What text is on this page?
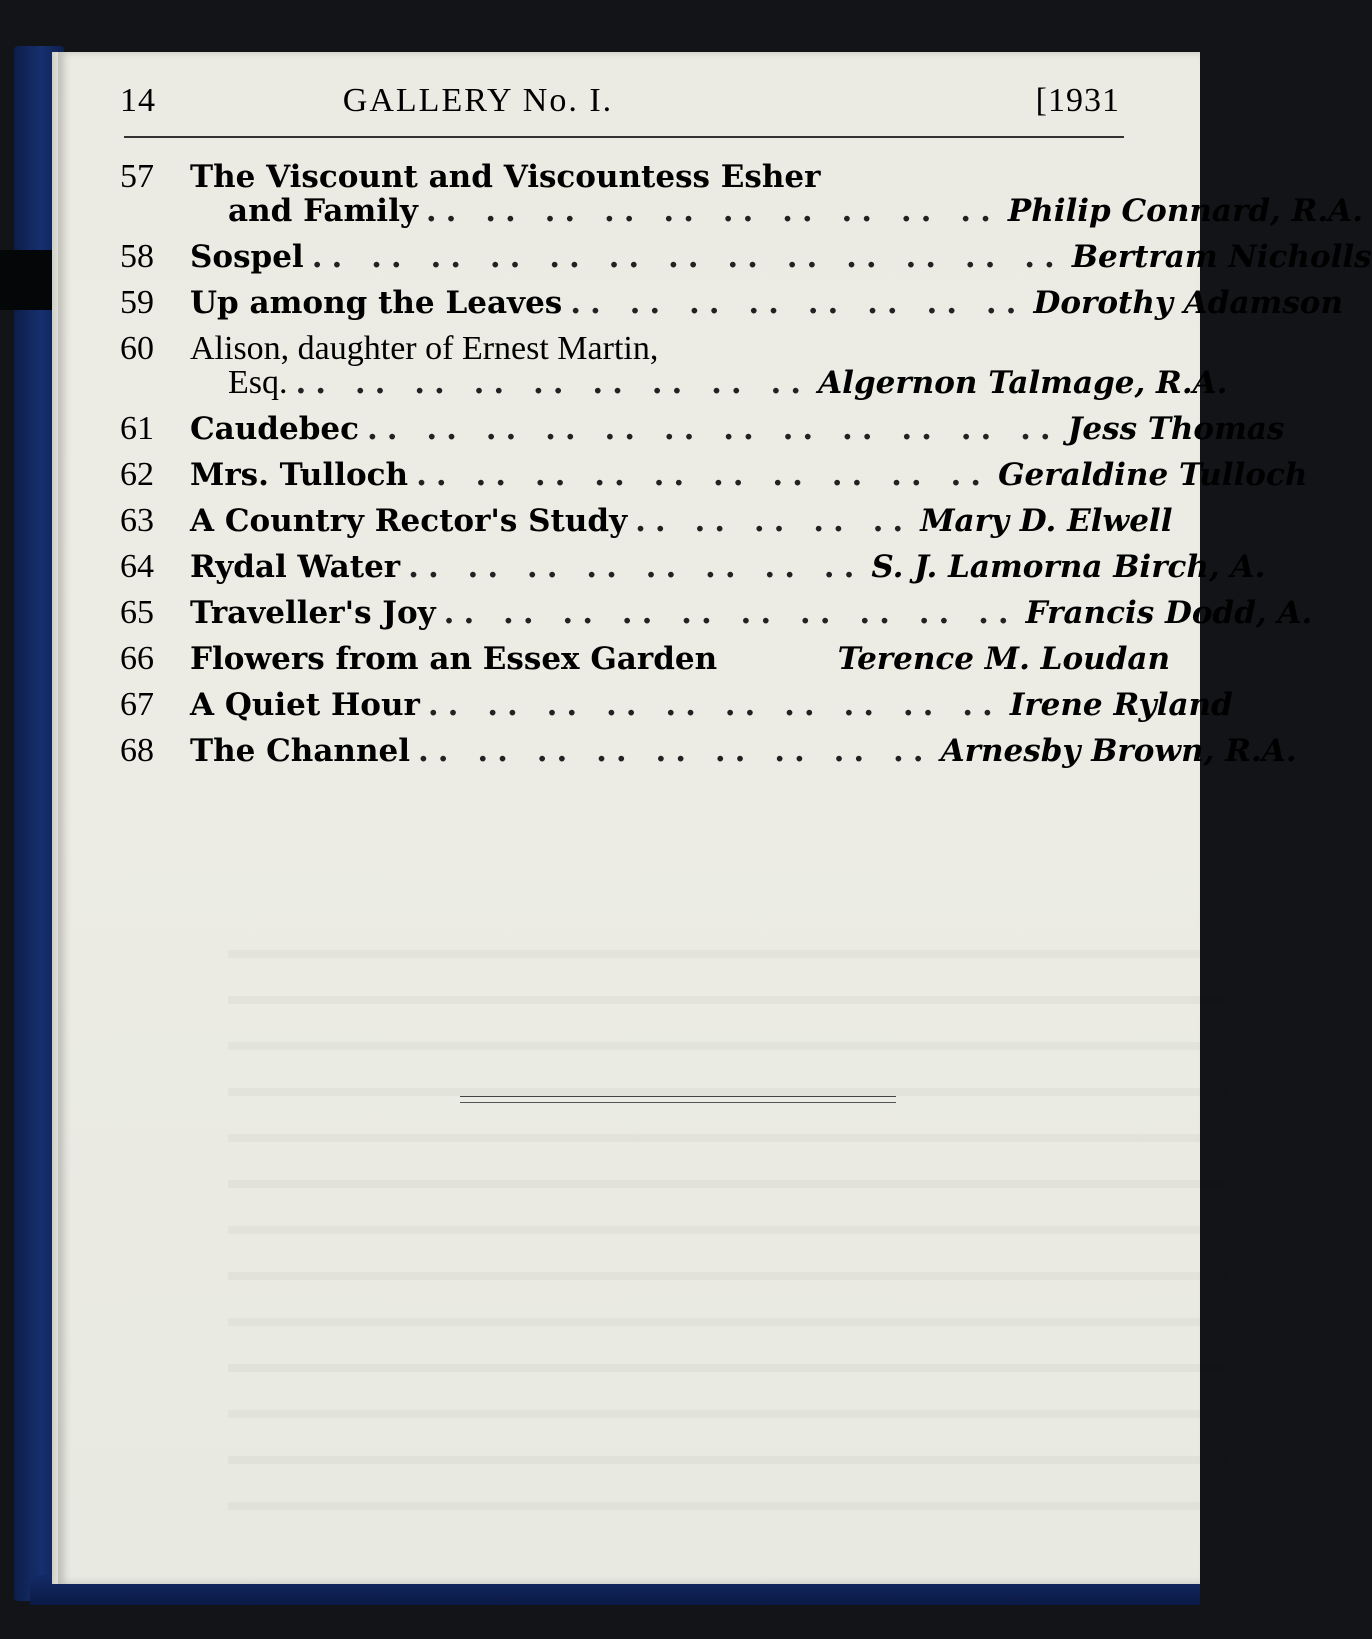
14	GALLERY No. I.	[1931
57	The Viscount and Viscountess Esher
and Family .. .. .. .. .. .. .. .. .. .. Philip Connard, R.A.
58	Sospel .. .. .. .. .. .. .. .. .. .. .. .. .. Bertram Nicholls
59	Up among the Leaves .. .. .. .. .. .. .. .. Dorothy Adamson
60	Alison, daughter of Ernest Martin,
Esq. .. .. .. .. .. .. .. .. .. Algernon Talmage, R.A.
61	Caudebec .. .. .. .. .. .. .. .. .. .. .. .. Jess Thomas
62	Mrs. Tulloch .. .. .. .. .. .. .. .. .. .. Geraldine Tulloch
63	A Country Rector's Study .. .. .. .. .. Mary D. Elwell
64	Rydal Water .. .. .. .. .. .. .. .. S. J. Lamorna Birch, A.
65	Traveller's Joy .. .. .. .. .. .. .. .. .. .. Francis Dodd, A.
66	Flowers from an Essex Garden	Terence M. Loudan
67	A Quiet Hour .. .. .. .. .. .. .. .. .. .. Irene Ryland
68	The Channel .. .. .. .. .. .. .. .. .. Arnesby Brown, R.A.
